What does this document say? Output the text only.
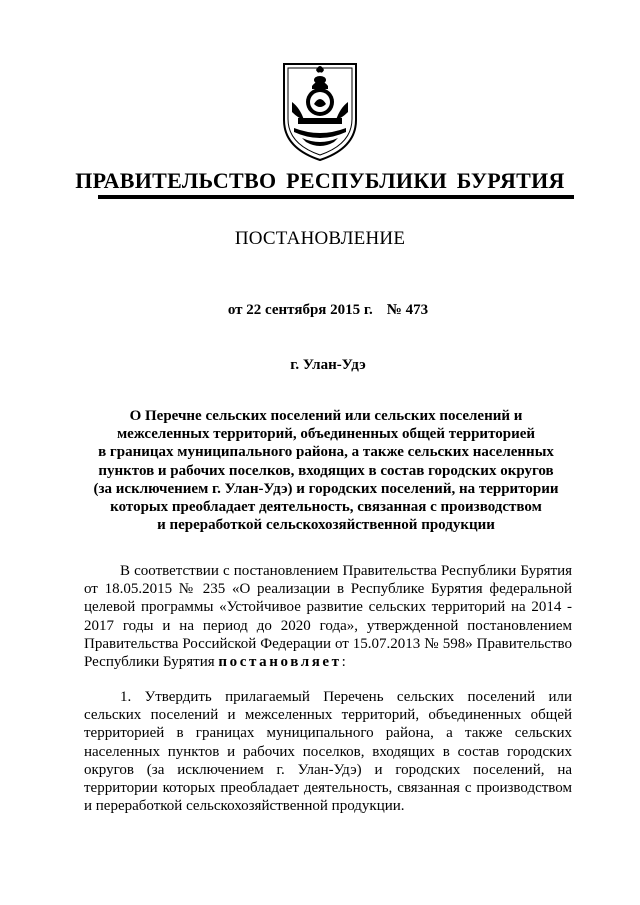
ПРАВИТЕЛЬСТВО РЕСПУБЛИКИ БУРЯТИЯ
ПОСТАНОВЛЕНИЕ
от 22 сентября 2015 г. № 473
г. Улан-Удэ
О Перечне сельских поселений или сельских поселений и
межселенных территорий, объединенных общей территорией
в границах муниципального района, а также сельских населенных
пунктов и рабочих поселков, входящих в состав городских округов
(за исключением г. Улан-Удэ) и городских поселений, на территории
которых преобладает деятельность, связанная с производством
и переработкой сельскохозяйственной продукции

В соответствии с постановлением Правительства Республики Бурятия от 18.05.2015 № 235 «О реализации в Республике Бурятия федеральной целевой программы «Устойчивое развитие сельских территорий на 2014 - 2017 годы и на период до 2020 года», утвержденной постановлением Правительства Российской Федерации от 15.07.2013 № 598» Правительство Республики Бурятия постановляет:

1. Утвердить прилагаемый Перечень сельских поселений или сельских поселений и межселенных территорий, объединенных общей территорией в границах муниципального района, а также сельских населенных пунктов и рабочих поселков, входящих в состав городских округов (за исключением г. Улан-Удэ) и городских поселений, на территории которых преобладает деятельность, связанная с производством и переработкой сельскохозяйственной продукции.
